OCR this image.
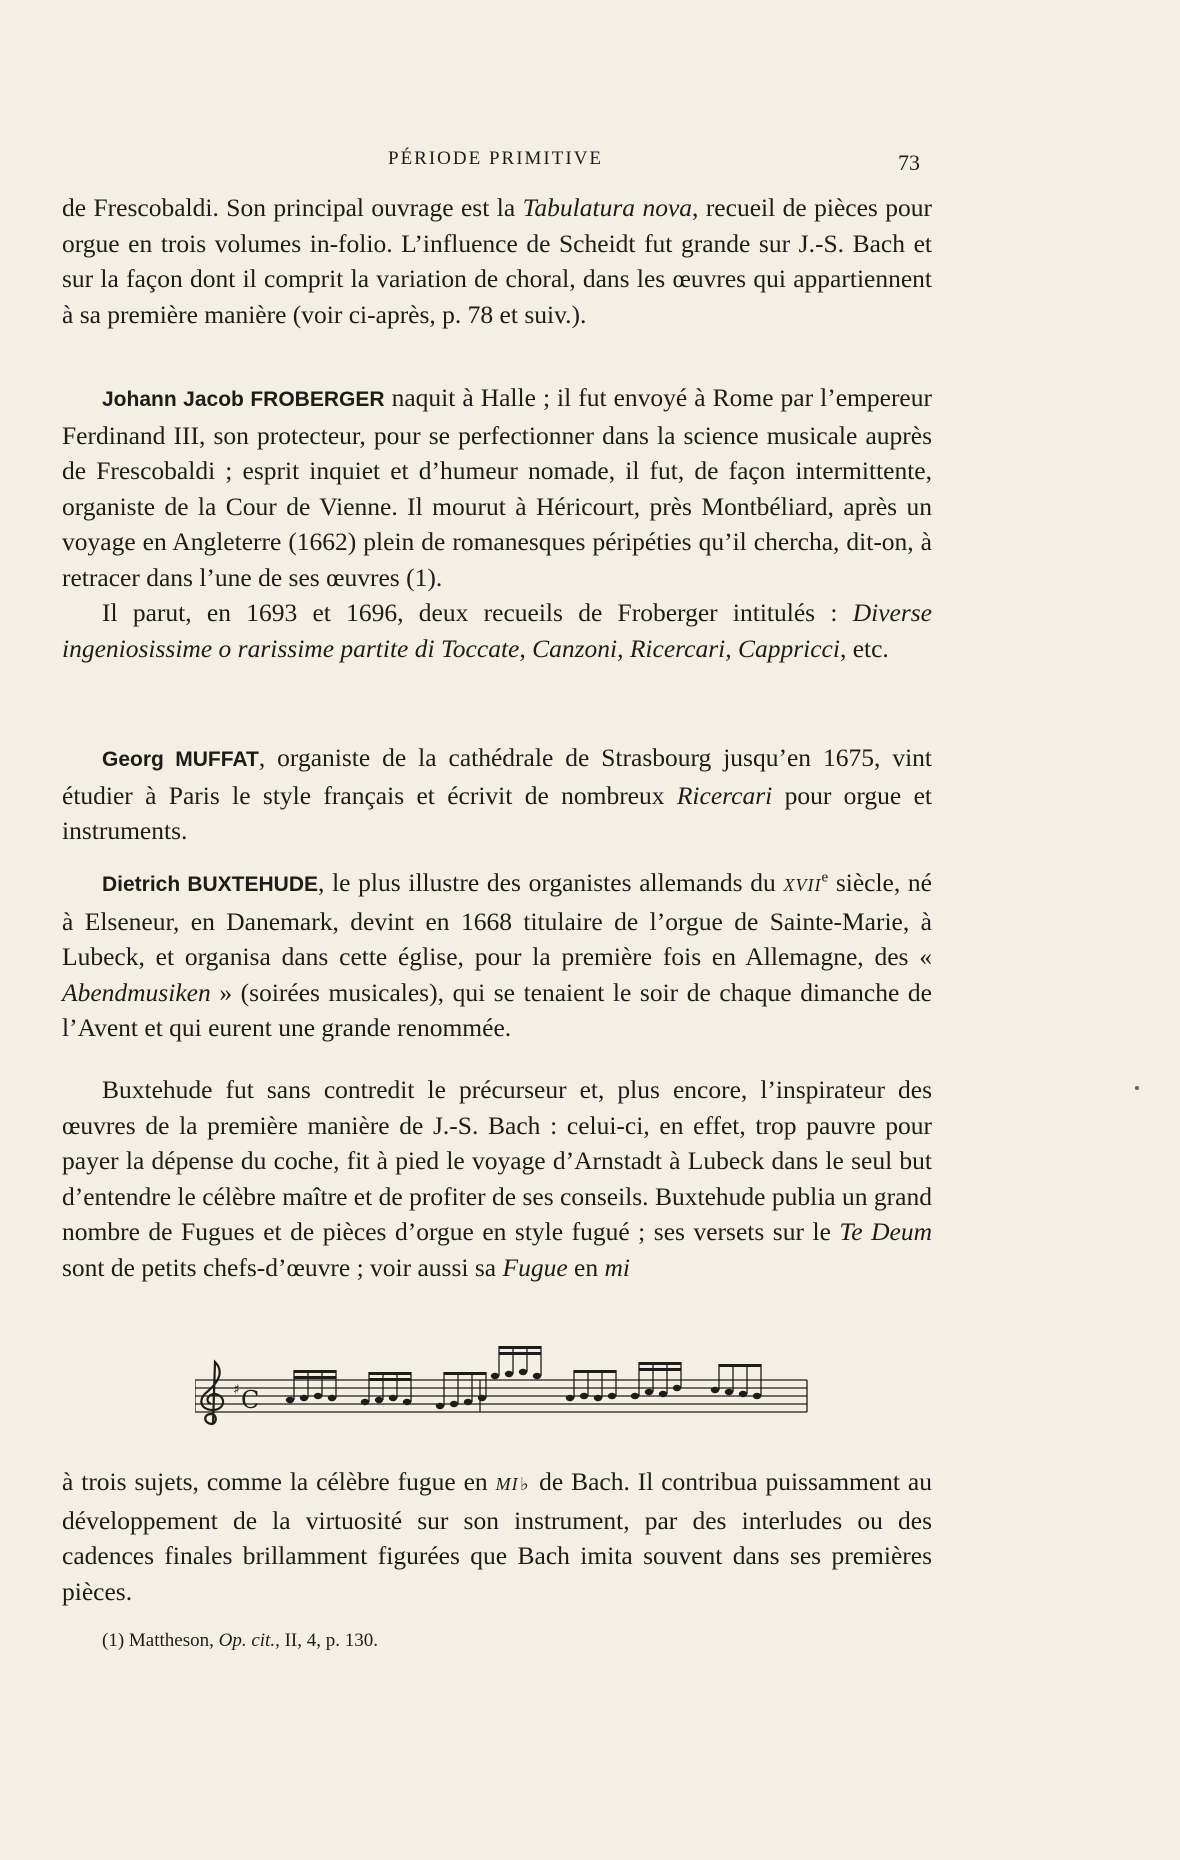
PÉRIODE PRIMITIVE	73

de Frescobaldi. Son principal ouvrage est la Tabulatura nova, recueil de pièces pour orgue en trois volumes in-folio. L’influence de Scheidt fut grande sur J.-S. Bach et sur la façon dont il comprit la variation de choral, dans les œuvres qui appartiennent à sa première manière (voir ci-après, p. 78 et suiv.).

Johann Jacob FROBERGER naquit à Halle ; il fut envoyé à Rome par l’empereur Ferdinand III, son protecteur, pour se perfectionner dans la science musicale auprès de Frescobaldi ; esprit inquiet et d’humeur nomade, il fut, de façon intermittente, organiste de la Cour de Vienne. Il mourut à Héricourt, près Montbéliard, après un voyage en Angleterre (1662) plein de romanesques péripéties qu’il chercha, dit-on, à retracer dans l’une de ses œuvres (1).

Il parut, en 1693 et 1696, deux recueils de Froberger intitulés : Diverse ingeniosissime o rarissime partite di Toccate, Canzoni, Ricercari, Cappricci, etc.

Georg MUFFAT, organiste de la cathédrale de Strasbourg jusqu’en 1675, vint étudier à Paris le style français et écrivit de nombreux Ricercari pour orgue et instruments.

Dietrich BUXTEHUDE, le plus illustre des organistes allemands du XVIIe siècle, né à Elseneur, en Danemark, devint en 1668 titulaire de l’orgue de Sainte-Marie, à Lubeck, et organisa dans cette église, pour la première fois en Allemagne, des « Abendmusiken » (soirées musicales), qui se tenaient le soir de chaque dimanche de l’Avent et qui eurent une grande renommée.

Buxtehude fut sans contredit le précurseur et, plus encore, l’inspirateur des œuvres de la première manière de J.-S. Bach : celui-ci, en effet, trop pauvre pour payer la dépense du coche, fit à pied le voyage d’Arnstadt à Lubeck dans le seul but d’entendre le célèbre maître et de profiter de ses conseils. Buxtehude publia un grand nombre de Fugues et de pièces d’orgue en style fugué ; ses versets sur le Te Deum sont de petits chefs-d’œuvre ; voir aussi sa Fugue en mi

♯ C

à trois sujets, comme la célèbre fugue en MI♭ de Bach. Il contribua puissamment au développement de la virtuosité sur son instrument, par des interludes ou des cadences finales brillamment figurées que Bach imita souvent dans ses premières pièces.

(1) Mattheson, Op. cit., II, 4, p. 130.
